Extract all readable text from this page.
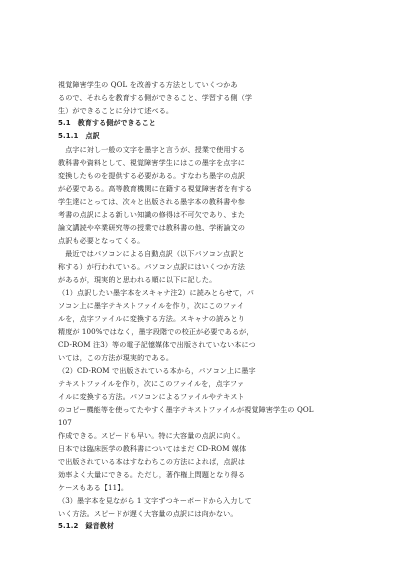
視覚障害学生の QOL を改善する方法としていくつかあ
るので、それらを教育する側ができること、学習する側（学
生）ができることに分けて述べる。
5.1　教育する側ができること
5.1.1　点訳
　点字に対し一般の文字を墨字と言うが、授業で使用する
教科書や資料として、視覚障害学生にはこの墨字を点字に
変換したものを提供する必要がある。すなわち墨字の点訳
が必要である。高等教育機関に在籍する視覚障害者を有する
学生達にとっては、次々と出版される墨字本の教科書や参
考書の点訳による新しい知識の修得は不可欠であり、また
論文講読や卒業研究等の授業では教科書の他、学術論文の
点訳も必要となってくる。
　最近ではパソコンによる自動点訳（以下パソコン点訳と
称する）が行われている。パソコン点訳にはいくつか方法
があるが，現実的と思われる順に以下に記した。
（1）点訳したい墨字本をスキャナ注2）に読みとらせて，パ
ソコン上に墨字テキストファイルを作り，次にこのファイ
ルを，点字ファイルに変換する方法。スキャナの読みとり
精度が 100%ではなく，墨字段階での校正が必要であるが，
CD-ROM 注3）等の電子記憶媒体で出版されていない本につ
いては，この方法が現実的である。
（2）CD-ROM で出版されている本から，パソコン上に墨字
テキストファイルを作り，次にこのファイルを，点字ファ
イルに変換する方法。パソコンによるファイルやテキスト
のコピー機能等を使ってたやすく墨字テキストファイルが視覚障害学生の QOL
107
作成できる。スピードも早い。特に大容量の点訳に向く。
日本では臨床医学の教科書についてはまだ CD-ROM 媒体
で出版されている本はすなわちこの方法によれば，点訳は
効率よく大量にできる。ただし，著作権上問題となり得る
ケースもある【11】。
（3）墨字本を見ながら 1 文字ずつキーボードから入力して
いく方法。スピードが遅く大容量の点訳には向かない。
5.1.2　録音教材
